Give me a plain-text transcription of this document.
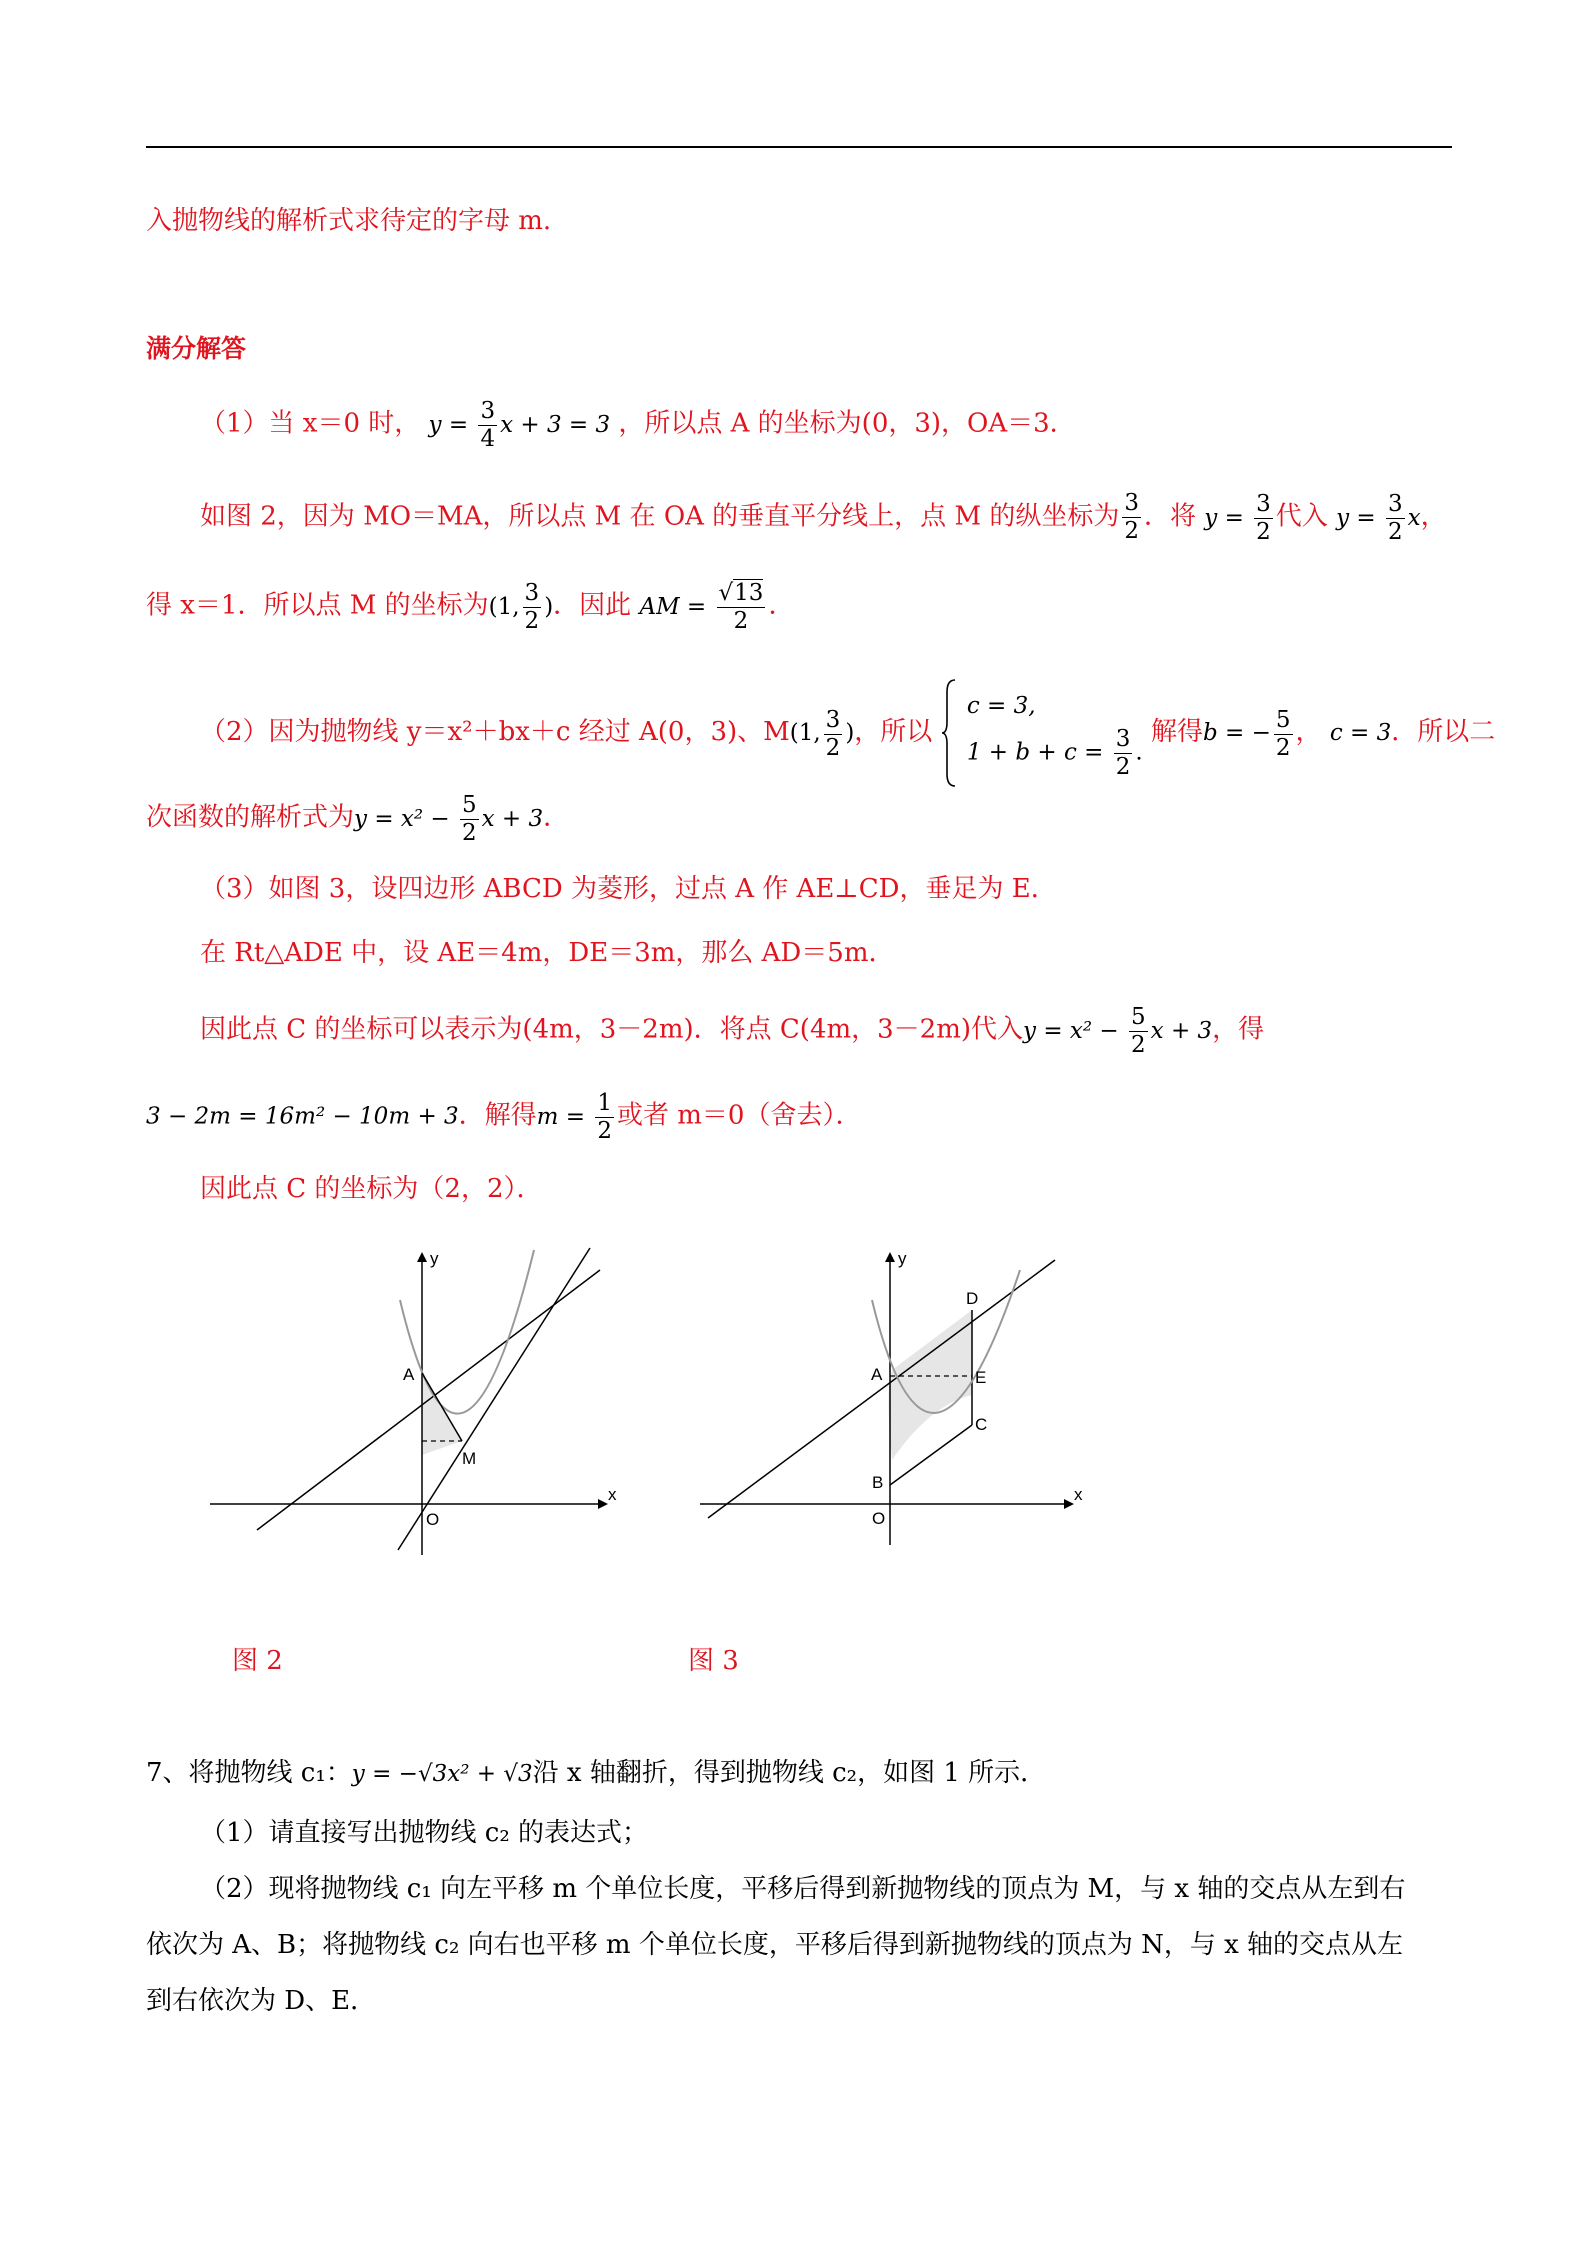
入抛物线的解析式求待定的字母 m.
满分解答
（1）当 x＝0 时， $y = \frac{3}{4}$ x + 3 = 3 ，所以点 A 的坐标为(0，3)，OA＝3．
如图 2，因为 MO＝MA，所以点 M 在 OA 的垂直平分线上，点 M 的纵坐标为 $\frac{3}{2}$ ．将 $y = \frac{3}{2}$ 代入 $y = \frac{3}{2}$ x，
得 x＝1．所以点 M 的坐标为(1, $\frac{3}{2}$ )．因此 AM = $\frac{√13}{2}$ ．
（2）因为抛物线 y＝x²＋bx＋c 经过 A(0，3)、M(1, $\frac{3}{2}$ )，所以
c = 3,
$1 + b + c = \frac{3}{2}$ .
解得b = − $\frac{5}{2}$ ， c = 3．所以二
次函数的解析式为$y = x^2 - \frac{5}{2}$ x + 3．
（3）如图 3，设四边形 ABCD 为菱形，过点 A 作 AE⊥CD，垂足为 E．
在 Rt△ADE 中，设 AE＝4m，DE＝3m，那么 AD＝5m．
因此点 C 的坐标可以表示为(4m，3－2m)．将点 C(4m，3－2m)代入$y = x^2 - \frac{5}{2}$ x + 3，得
3 − 2m = 16m² − 10m + 3．解得$m = \frac{1}{2}$ 或者 m＝0（舍去）．
因此点 C 的坐标为（2，2）．
y
x
A
M
O
y
x
A
B
C
D
E
O
图 2	图 3
7、将抛物线 c₁：y = −√3x² + √3沿 x 轴翻折，得到抛物线 c₂，如图 1 所示．
（1）请直接写出抛物线 c₂ 的表达式；
（2）现将抛物线 c₁ 向左平移 m 个单位长度，平移后得到新抛物线的顶点为 M，与 x 轴的交点从左到右
依次为 A、B；将抛物线 c₂ 向右也平移 m 个单位长度，平移后得到新抛物线的顶点为 N，与 x 轴的交点从左
到右依次为 D、E．
